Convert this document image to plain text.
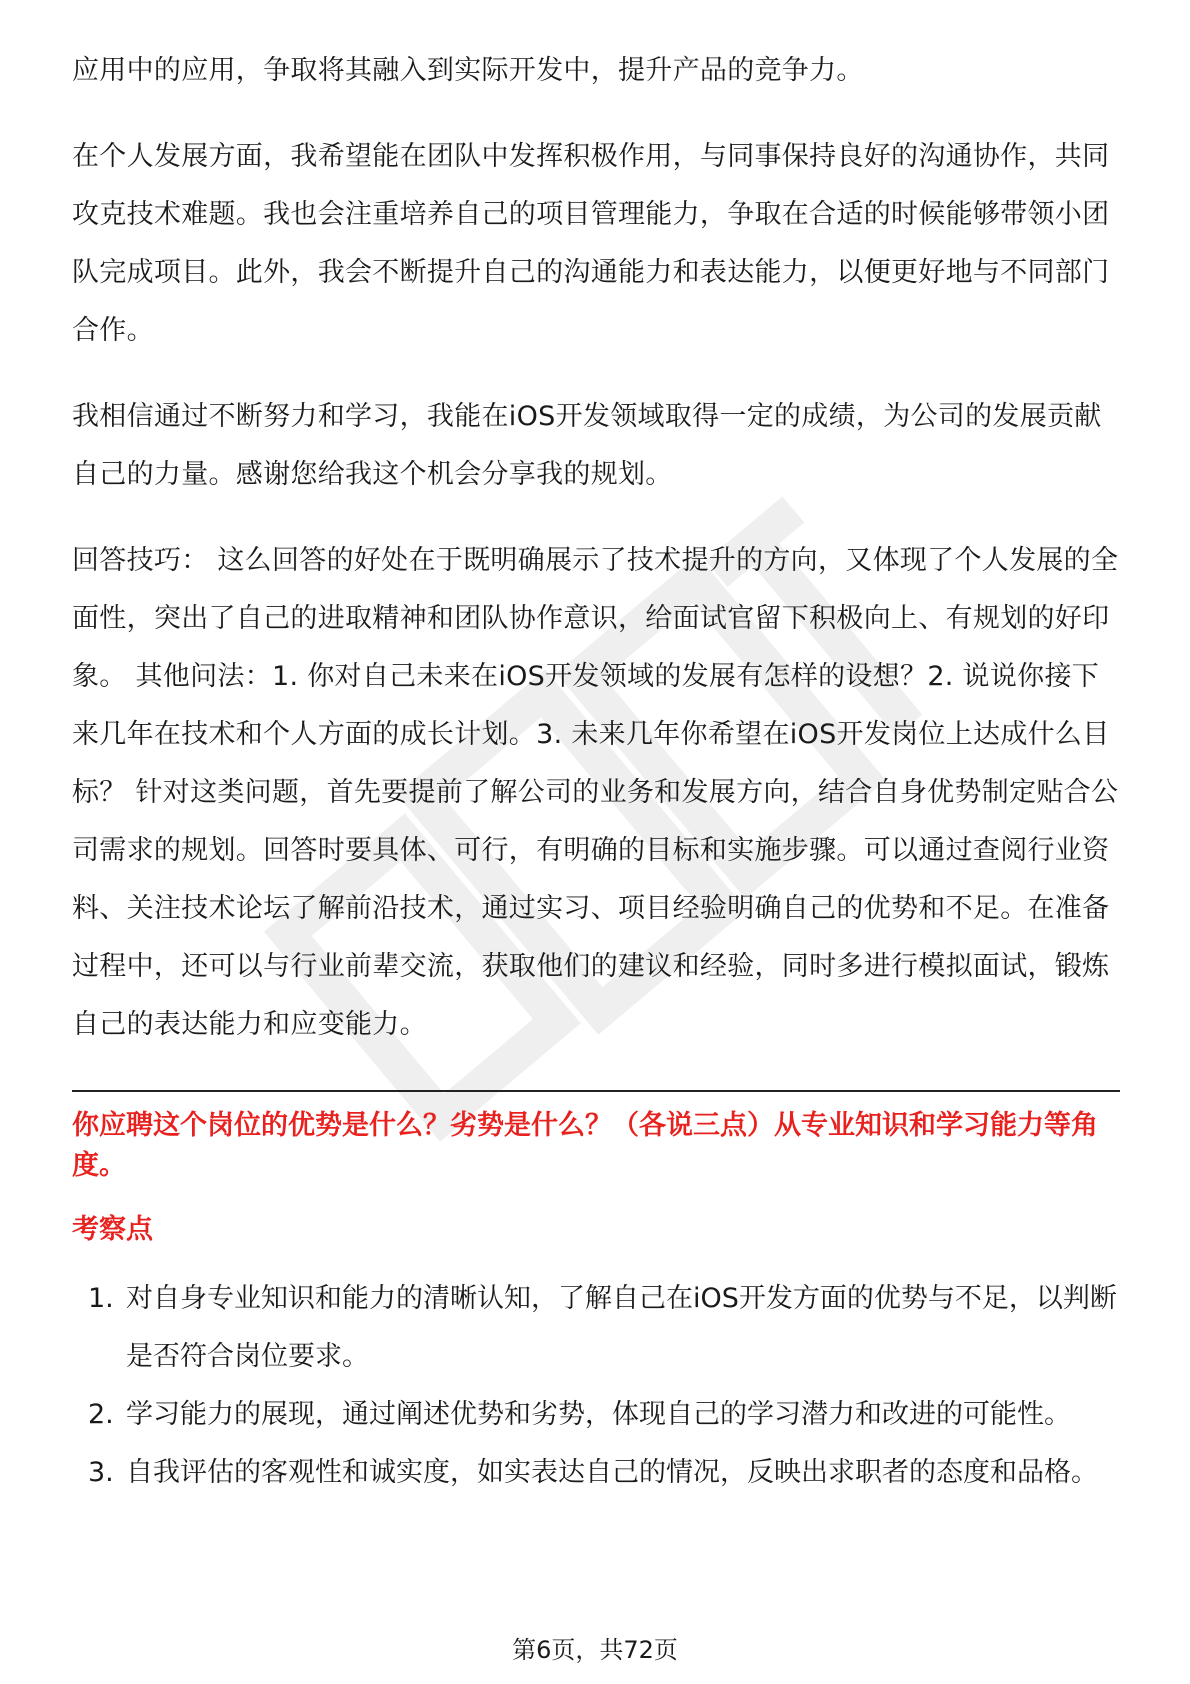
应用中的应用，争取将其融入到实际开发中，提升产品的竞争力。

在个人发展方面，我希望能在团队中发挥积极作用，与同事保持良好的沟通协作，共同攻克技术难题。我也会注重培养自己的项目管理能力，争取在合适的时候能够带领小团队完成项目。此外，我会不断提升自己的沟通能力和表达能力，以便更好地与不同部门合作。

我相信通过不断努力和学习，我能在iOS开发领域取得一定的成绩，为公司的发展贡献自己的力量。感谢您给我这个机会分享我的规划。

回答技巧： 这么回答的好处在于既明确展示了技术提升的方向，又体现了个人发展的全面性，突出了自己的进取精神和团队协作意识，给面试官留下积极向上、有规划的好印象。 其他问法：1. 你对自己未来在iOS开发领域的发展有怎样的设想？2. 说说你接下来几年在技术和个人方面的成长计划。3. 未来几年你希望在iOS开发岗位上达成什么目标？ 针对这类问题，首先要提前了解公司的业务和发展方向，结合自身优势制定贴合公司需求的规划。回答时要具体、可行，有明确的目标和实施步骤。可以通过查阅行业资料、关注技术论坛了解前沿技术，通过实习、项目经验明确自己的优势和不足。在准备过程中，还可以与行业前辈交流，获取他们的建议和经验，同时多进行模拟面试，锻炼自己的表达能力和应变能力。

你应聘这个岗位的优势是什么？劣势是什么？（各说三点）从专业知识和学习能力等角度。
考察点
1. 对自身专业知识和能力的清晰认知，了解自己在iOS开发方面的优势与不足，以判断是否符合岗位要求。
2. 学习能力的展现，通过阐述优势和劣势，体现自己的学习潜力和改进的可能性。
3. 自我评估的客观性和诚实度，如实表达自己的情况，反映出求职者的态度和品格。
第6页，共72页
